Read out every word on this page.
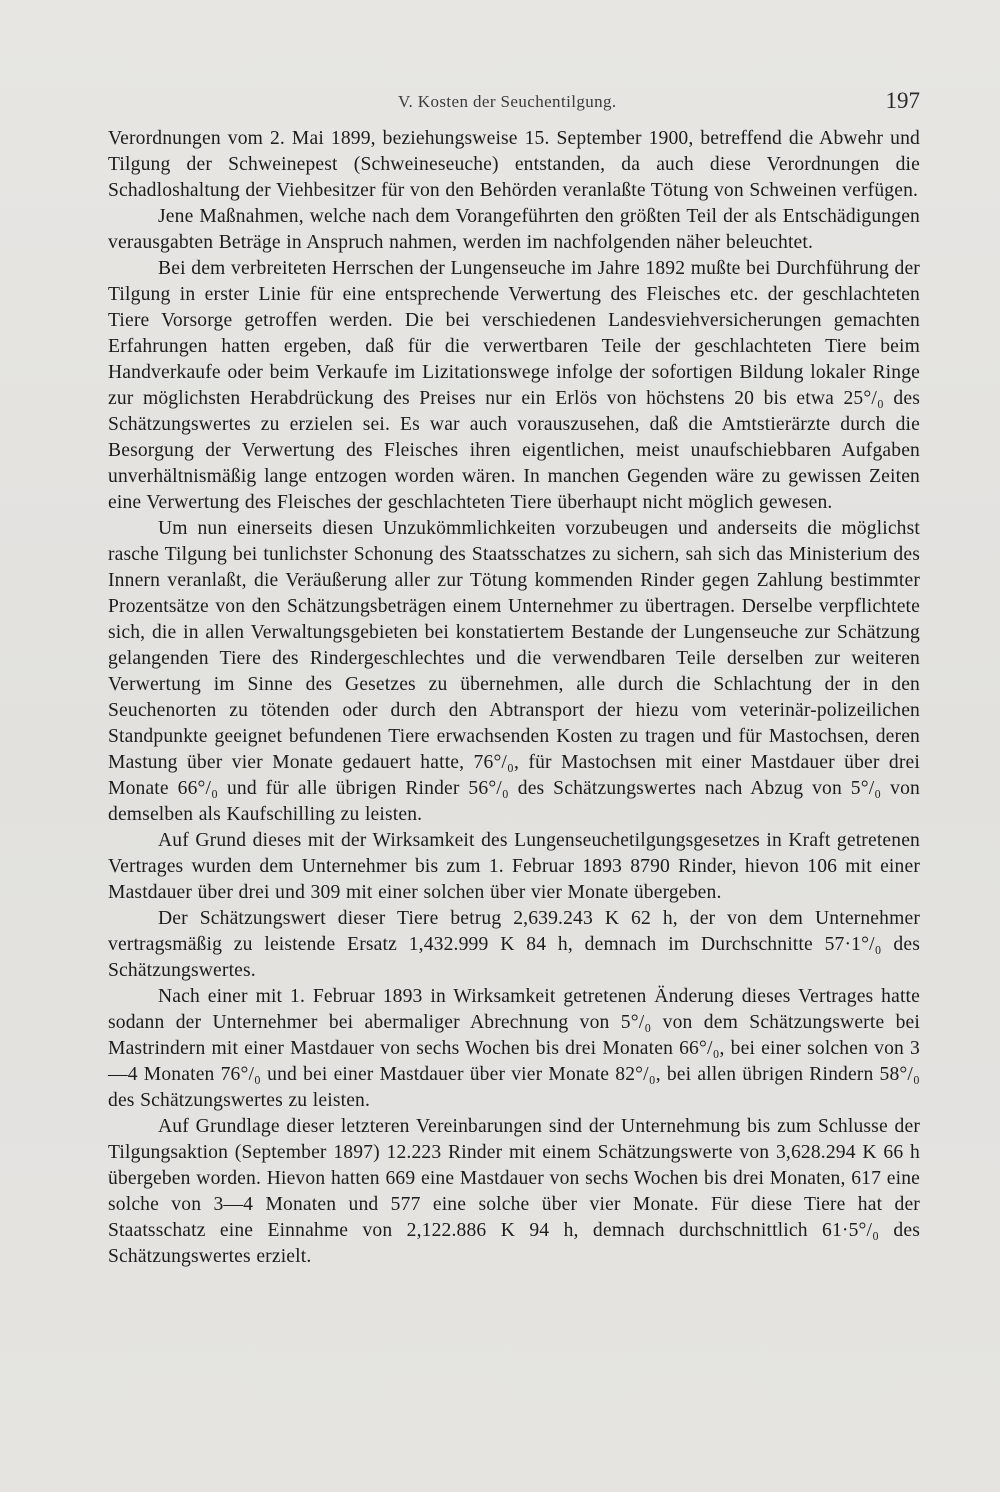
V. Kosten der Seuchentilgung.	197

Verordnungen vom 2. Mai 1899, beziehungsweise 15. September 1900, betreffend die Abwehr und Tilgung der Schweinepest (Schweineseuche) entstanden, da auch diese Verordnungen die Schadloshaltung der Viehbesitzer für von den Behörden veranlaßte Tötung von Schweinen verfügen.

Jene Maßnahmen, welche nach dem Vorangeführten den größten Teil der als Entschädigungen verausgabten Beträge in Anspruch nahmen, werden im nachfolgenden näher beleuchtet.

Bei dem verbreiteten Herrschen der Lungenseuche im Jahre 1892 mußte bei Durchführung der Tilgung in erster Linie für eine entsprechende Verwertung des Fleisches etc. der geschlachteten Tiere Vorsorge getroffen werden. Die bei verschiedenen Landesviehversicherungen gemachten Erfahrungen hatten ergeben, daß für die verwertbaren Teile der geschlachteten Tiere beim Handverkaufe oder beim Verkaufe im Lizitationswege infolge der sofortigen Bildung lokaler Ringe zur möglichsten Herabdrückung des Preises nur ein Erlös von höchstens 20 bis etwa 25°/₀ des Schätzungswertes zu erzielen sei. Es war auch vorauszusehen, daß die Amtstierärzte durch die Besorgung der Verwertung des Fleisches ihren eigentlichen, meist unaufschiebbaren Aufgaben unverhältnismäßig lange entzogen worden wären. In manchen Gegenden wäre zu gewissen Zeiten eine Verwertung des Fleisches der geschlachteten Tiere überhaupt nicht möglich gewesen.

Um nun einerseits diesen Unzukömmlichkeiten vorzubeugen und anderseits die möglichst rasche Tilgung bei tunlichster Schonung des Staatsschatzes zu sichern, sah sich das Ministerium des Innern veranlaßt, die Veräußerung aller zur Tötung kommenden Rinder gegen Zahlung bestimmter Prozentsätze von den Schätzungsbeträgen einem Unternehmer zu übertragen. Derselbe verpflichtete sich, die in allen Verwaltungsgebieten bei konstatiertem Bestande der Lungenseuche zur Schätzung gelangenden Tiere des Rindergeschlechtes und die verwendbaren Teile derselben zur weiteren Verwertung im Sinne des Gesetzes zu übernehmen, alle durch die Schlachtung der in den Seuchenorten zu tötenden oder durch den Abtransport der hiezu vom veterinär-polizeilichen Standpunkte geeignet befundenen Tiere erwachsenden Kosten zu tragen und für Mastochsen, deren Mastung über vier Monate gedauert hatte, 76°/₀, für Mastochsen mit einer Mastdauer über drei Monate 66°/₀ und für alle übrigen Rinder 56°/₀ des Schätzungswertes nach Abzug von 5°/₀ von demselben als Kaufschilling zu leisten.

Auf Grund dieses mit der Wirksamkeit des Lungenseuchetilgungsgesetzes in Kraft getretenen Vertrages wurden dem Unternehmer bis zum 1. Februar 1893 8790 Rinder, hievon 106 mit einer Mastdauer über drei und 309 mit einer solchen über vier Monate übergeben.

Der Schätzungswert dieser Tiere betrug 2,639.243 K 62 h, der von dem Unternehmer vertragsmäßig zu leistende Ersatz 1,432.999 K 84 h, demnach im Durchschnitte 57·1°/₀ des Schätzungswertes.

Nach einer mit 1. Februar 1893 in Wirksamkeit getretenen Änderung dieses Vertrages hatte sodann der Unternehmer bei abermaliger Abrechnung von 5°/₀ von dem Schätzungswerte bei Mastrindern mit einer Mastdauer von sechs Wochen bis drei Monaten 66°/₀, bei einer solchen von 3—4 Monaten 76°/₀ und bei einer Mastdauer über vier Monate 82°/₀, bei allen übrigen Rindern 58°/₀ des Schätzungswertes zu leisten.

Auf Grundlage dieser letzteren Vereinbarungen sind der Unternehmung bis zum Schlusse der Tilgungsaktion (September 1897) 12.223 Rinder mit einem Schätzungswerte von 3,628.294 K 66 h übergeben worden. Hievon hatten 669 eine Mastdauer von sechs Wochen bis drei Monaten, 617 eine solche von 3—4 Monaten und 577 eine solche über vier Monate. Für diese Tiere hat der Staatsschatz eine Einnahme von 2,122.886 K 94 h, demnach durchschnittlich 61·5°/₀ des Schätzungswertes erzielt.
